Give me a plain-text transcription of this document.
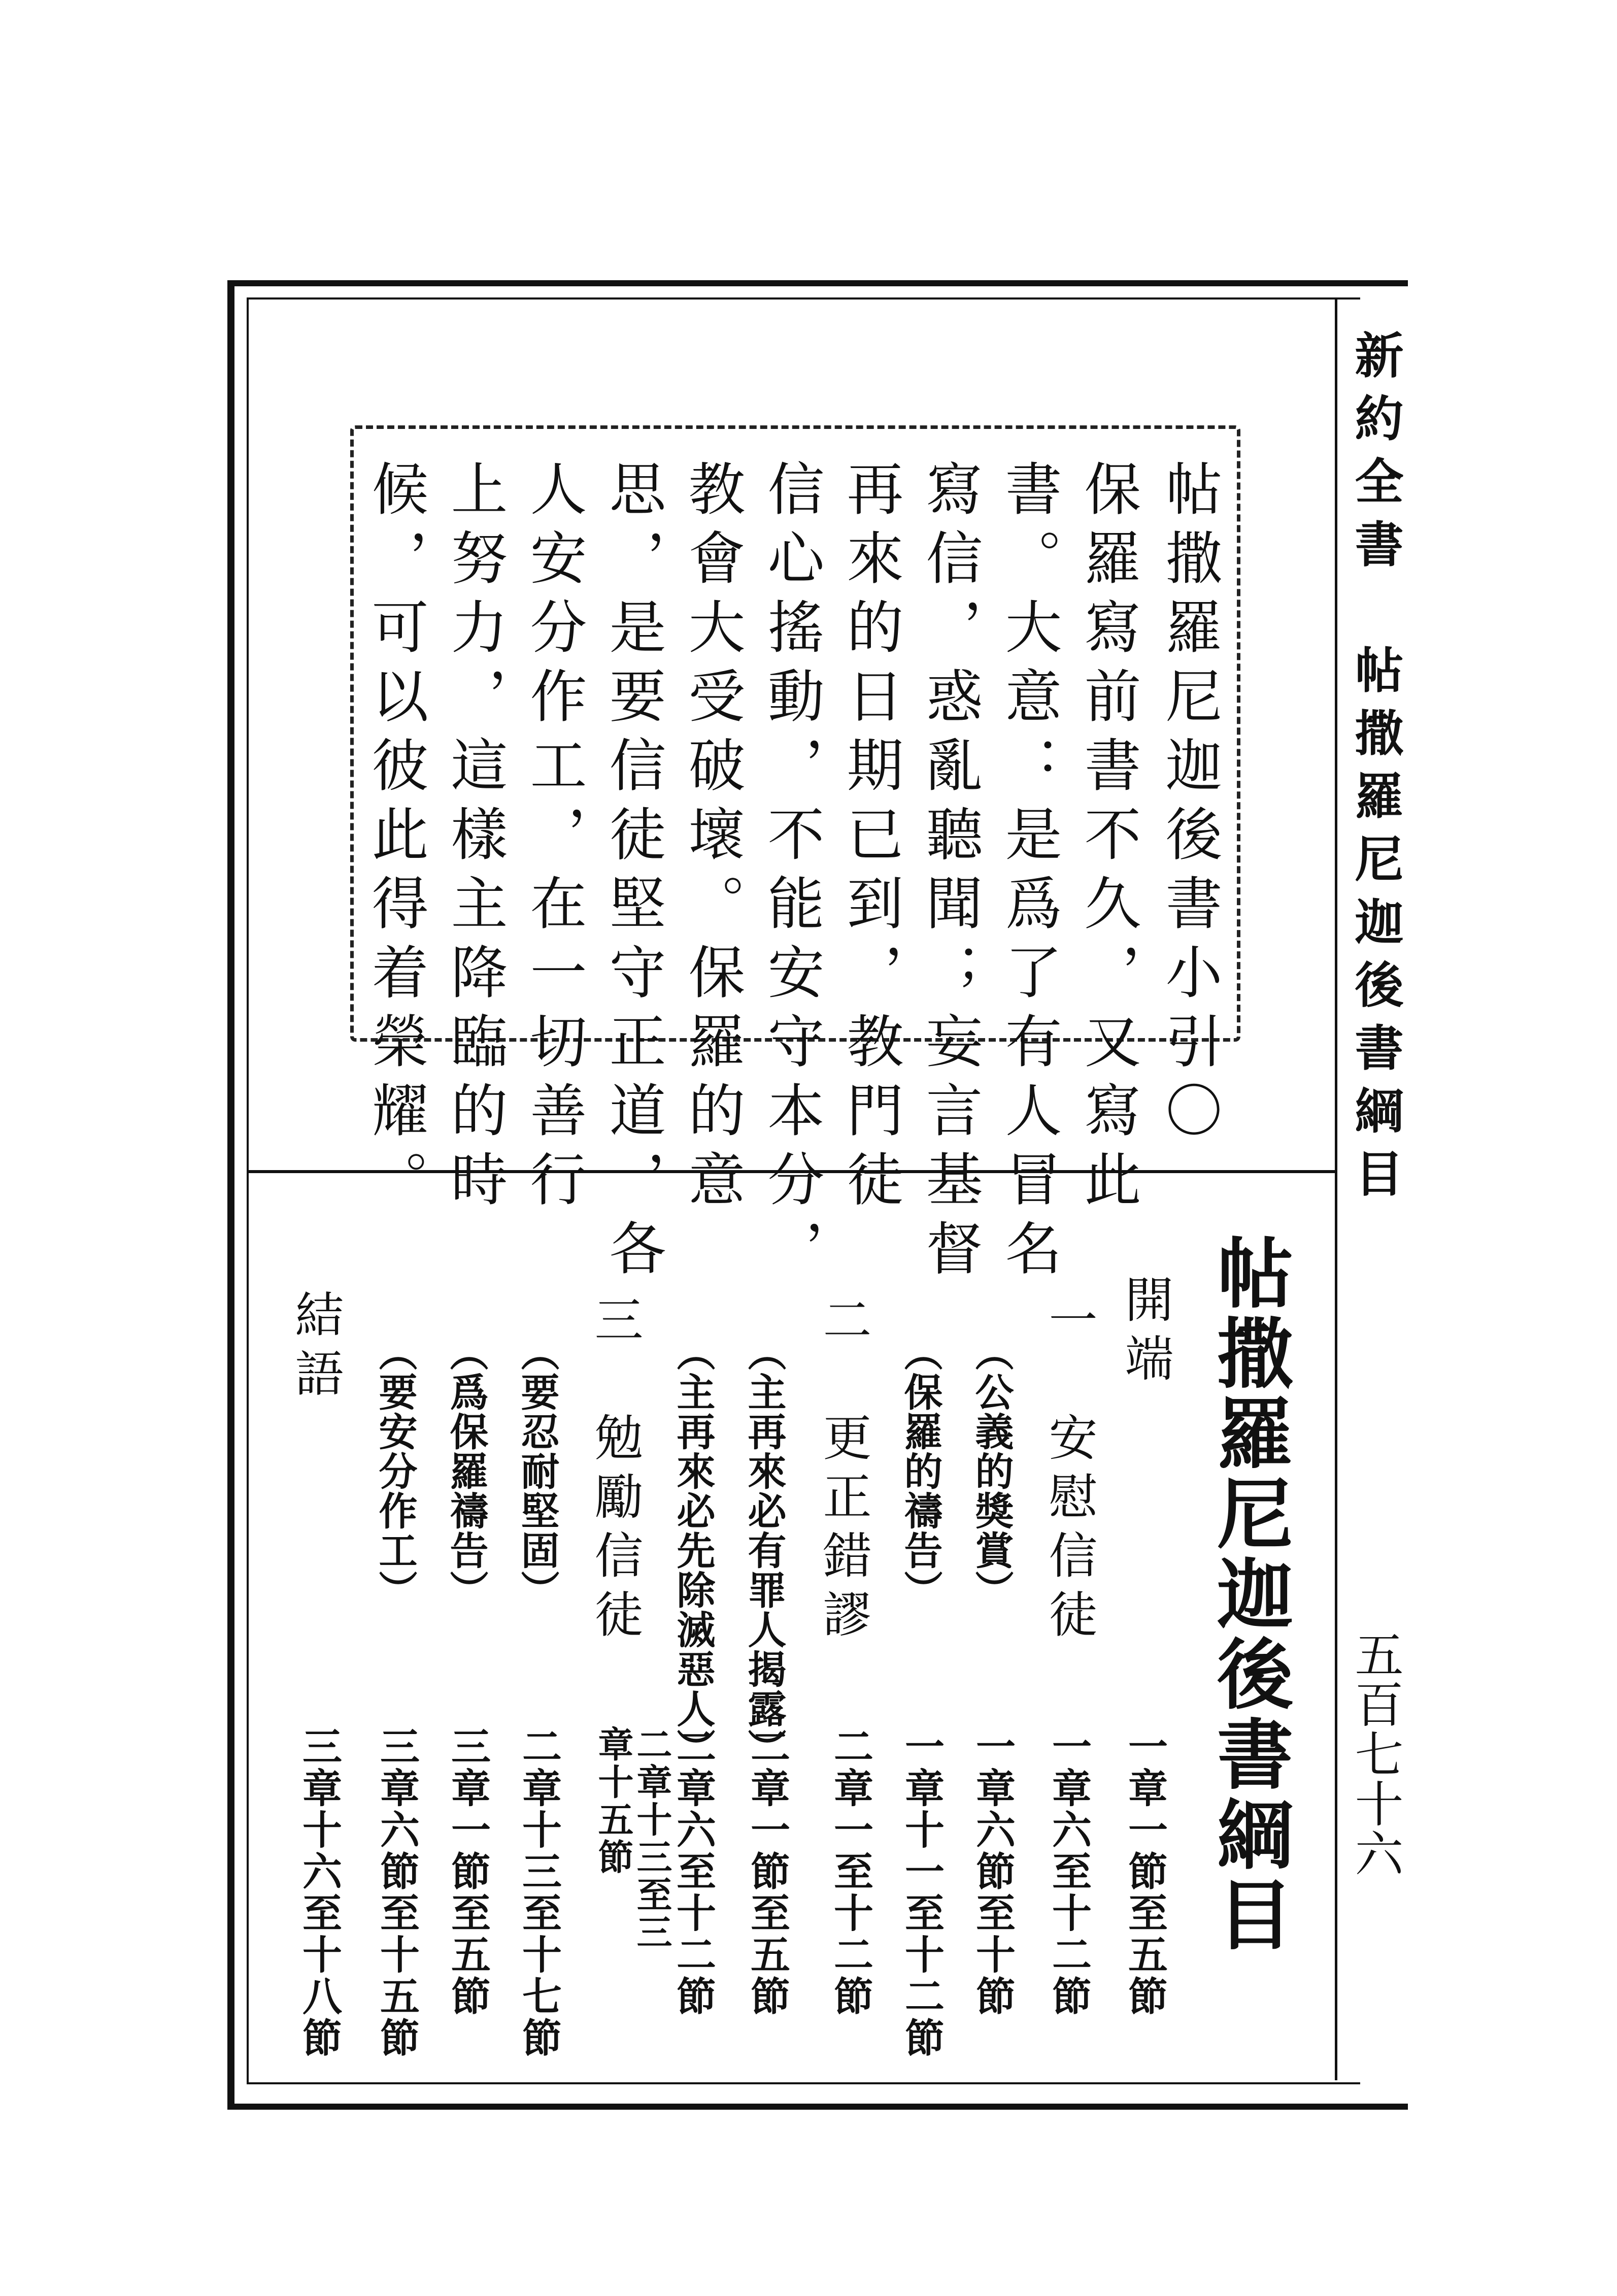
新約全書　帖撒羅尼迦後書綱目
五百七十六
帖撒羅尼迦後書小引〇
保羅寫前書不久，又寫此
書。大意：是爲了有人冒名
寫信，惑亂聽聞；妄言基督
再來的日期已到，教門徒
信心搖動，不能安守本分，
教會大受破壞。保羅的意
思，是要信徒堅守正道，各
人安分作工，在一切善行
上努力，這樣主降臨的時
候，可以彼此得着榮耀。
帖撒羅尼迦後書綱目
開端
一章一節至五節
一　安慰信徒
一章六至十二節
（公義的獎賞）
一章六節至十節
（保羅的禱告）
一章十一至十二節
二　更正錯謬
二章一至十二節
（主再來必有罪人揭露）
二章一節至五節
（主再來必先除滅惡人）
二章六至十二節
三　勉勵信徒
二章十三至三章十五節
（要忍耐堅固）
二章十三至十七節
（爲保羅禱告）
三章一節至五節
（要安分作工）
三章六節至十五節
結語
三章十六至十八節
